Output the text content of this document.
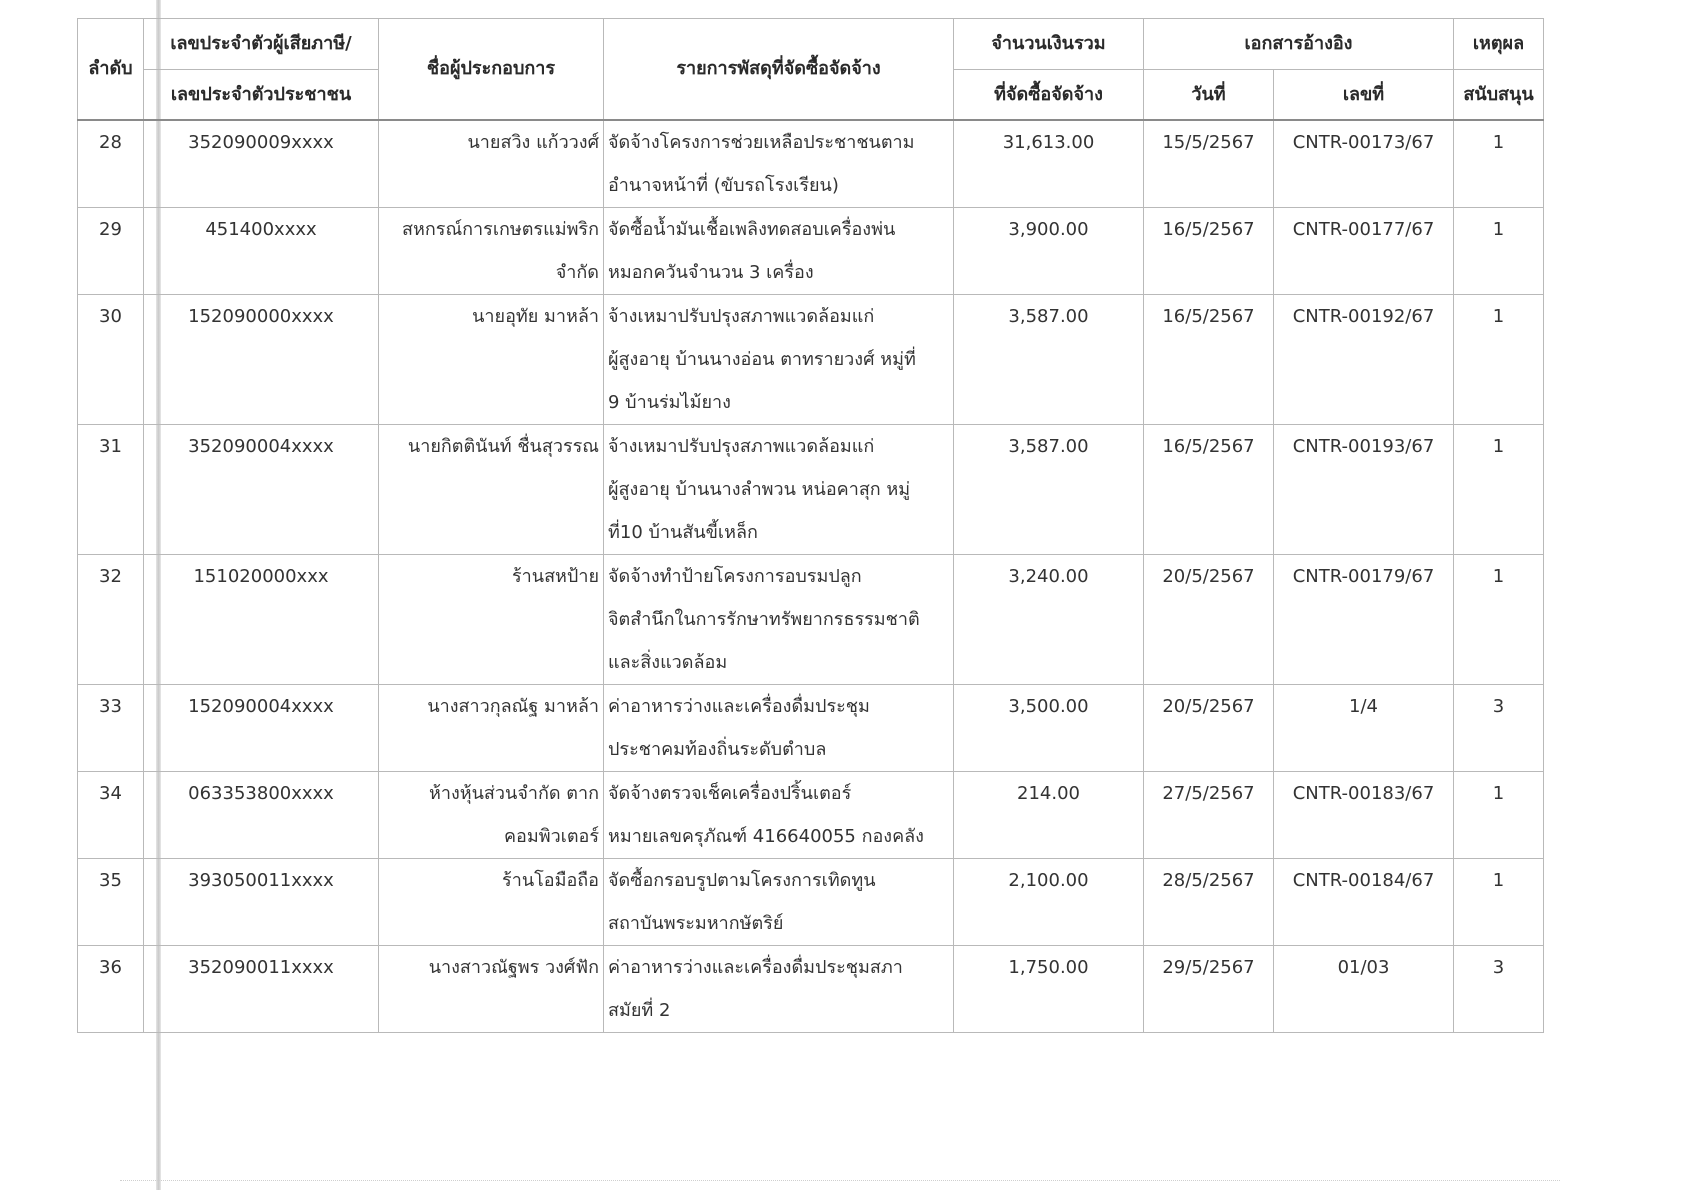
ลำดับ	เลขประจำตัวผู้เสียภาษี/	ชื่อผู้ประกอบการ	รายการพัสดุที่จัดซื้อจัดจ้าง	จำนวนเงินรวม	เอกสารอ้างอิง		เหตุผล
	เลขประจำตัวประชาชน			ที่จัดซื้อจัดจ้าง	วันที่	เลขที่	สนับสนุน
28	352090009xxxx	นายสวิง แก้ววงศ์	จัดจ้างโครงการช่วยเหลือประชาชนตาม
อำนาจหน้าที่ (ขับรถโรงเรียน)	31,613.00	15/5/2567	CNTR-00173/67	1
29	451400xxxx	สหกรณ์การเกษตรแม่พริก
จำกัด	จัดซื้อน้ำมันเชื้อเพลิงทดสอบเครื่องพ่น
หมอกควันจำนวน 3 เครื่อง	3,900.00	16/5/2567	CNTR-00177/67	1
30	152090000xxxx	นายอุทัย มาหล้า	จ้างเหมาปรับปรุงสภาพแวดล้อมแก่
ผู้สูงอายุ บ้านนางอ่อน ตาทรายวงศ์ หมู่ที่
9 บ้านร่มไม้ยาง	3,587.00	16/5/2567	CNTR-00192/67	1
31	352090004xxxx	นายกิตตินันท์ ชื่นสุวรรณ	จ้างเหมาปรับปรุงสภาพแวดล้อมแก่
ผู้สูงอายุ บ้านนางลำพวน หน่อคาสุก หมู่
ที่10 บ้านสันขี้เหล็ก	3,587.00	16/5/2567	CNTR-00193/67	1
32	151020000xxx	ร้านสหป้าย	จัดจ้างทำป้ายโครงการอบรมปลูก
จิตสำนึกในการรักษาทรัพยากรธรรมชาติ
และสิ่งแวดล้อม	3,240.00	20/5/2567	CNTR-00179/67	1
33	152090004xxxx	นางสาวกุลณัฐ มาหล้า	ค่าอาหารว่างและเครื่องดื่มประชุม
ประชาคมท้องถิ่นระดับตำบล	3,500.00	20/5/2567	1/4	3
34	063353800xxxx	ห้างหุ้นส่วนจำกัด ตาก
คอมพิวเตอร์	จัดจ้างตรวจเช็คเครื่องปริ้นเตอร์
หมายเลขครุภัณฑ์ 416640055 กองคลัง	214.00	27/5/2567	CNTR-00183/67	1
35	393050011xxxx	ร้านโอมือถือ	จัดซื้อกรอบรูปตามโครงการเทิดทูน
สถาบันพระมหากษัตริย์	2,100.00	28/5/2567	CNTR-00184/67	1
36	352090011xxxx	นางสาวณัฐพร วงศ์ฟัก	ค่าอาหารว่างและเครื่องดื่มประชุมสภา
สมัยที่ 2	1,750.00	29/5/2567	01/03	3
